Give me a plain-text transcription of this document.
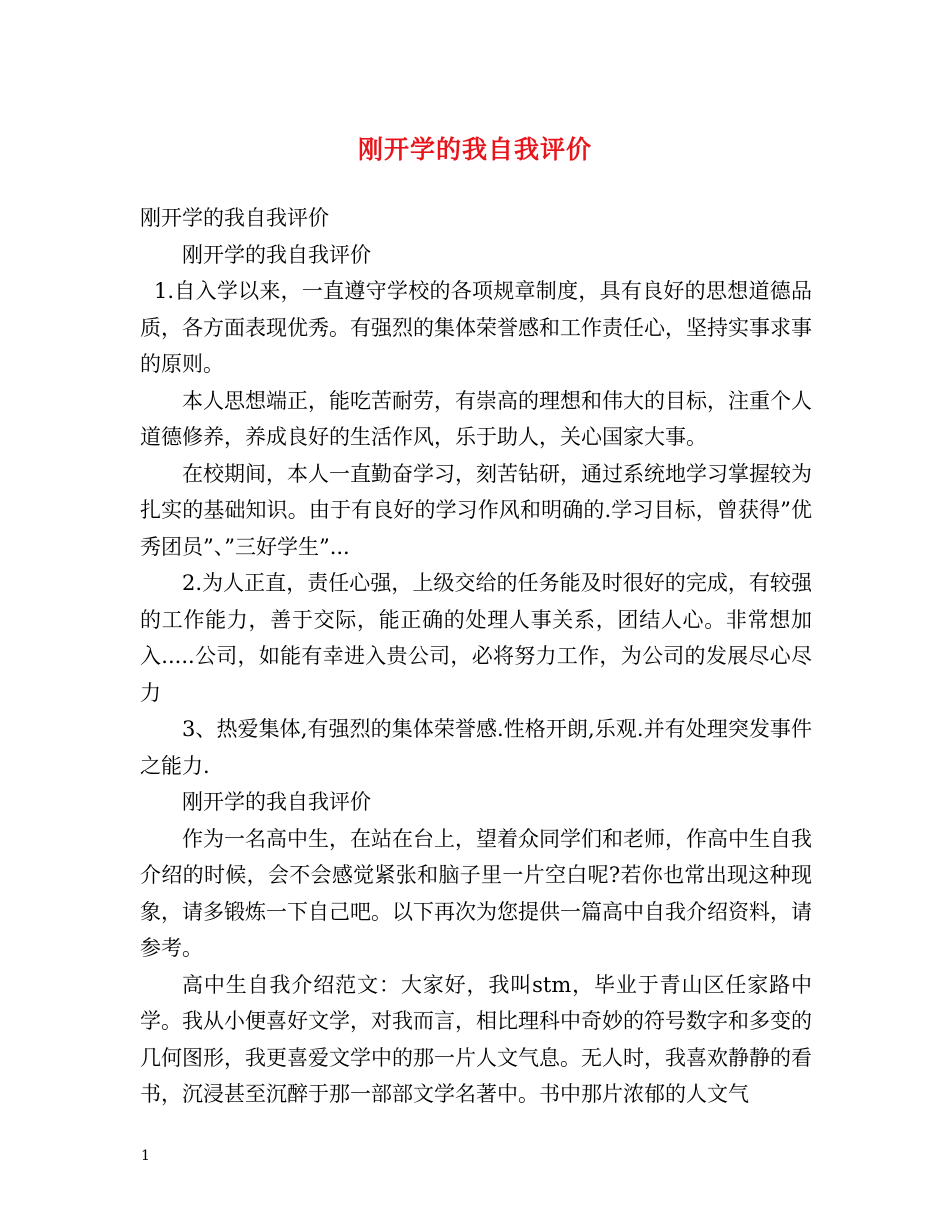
刚开学的我自我评价

刚开学的我自我评价

刚开学的我自我评价

1.自入学以来，一直遵守学校的各项规章制度，具有良好的思想道德品质，各方面表现优秀。有强烈的集体荣誉感和工作责任心，坚持实事求事的原则。

本人思想端正，能吃苦耐劳，有崇高的理想和伟大的目标，注重个人道德修养，养成良好的生活作风，乐于助人，关心国家大事。

在校期间，本人一直勤奋学习，刻苦钻研，通过系统地学习掌握较为扎实的基础知识。由于有良好的学习作风和明确的.学习目标，曾获得”优秀团员”、”三好学生”...

2.为人正直，责任心强，上级交给的任务能及时很好的完成，有较强的工作能力，善于交际，能正确的处理人事关系，团结人心。非常想加入.....公司，如能有幸进入贵公司，必将努力工作，为公司的发展尽心尽力

3、热爱集体,有强烈的集体荣誉感.性格开朗,乐观.并有处理突发事件之能力.

刚开学的我自我评价

作为一名高中生，在站在台上，望着众同学们和老师，作高中生自我介绍的时候，会不会感觉紧张和脑子里一片空白呢?若你也常出现这种现象，请多锻炼一下自己吧。以下再次为您提供一篇高中自我介绍资料，请参考。

高中生自我介绍范文：大家好，我叫stm，毕业于青山区任家路中学。我从小便喜好文学，对我而言，相比理科中奇妙的符号数字和多变的几何图形，我更喜爱文学中的那一片人文气息。无人时，我喜欢静静的看书，沉浸甚至沉醉于那一部部文学名著中。书中那片浓郁的人文气

1
